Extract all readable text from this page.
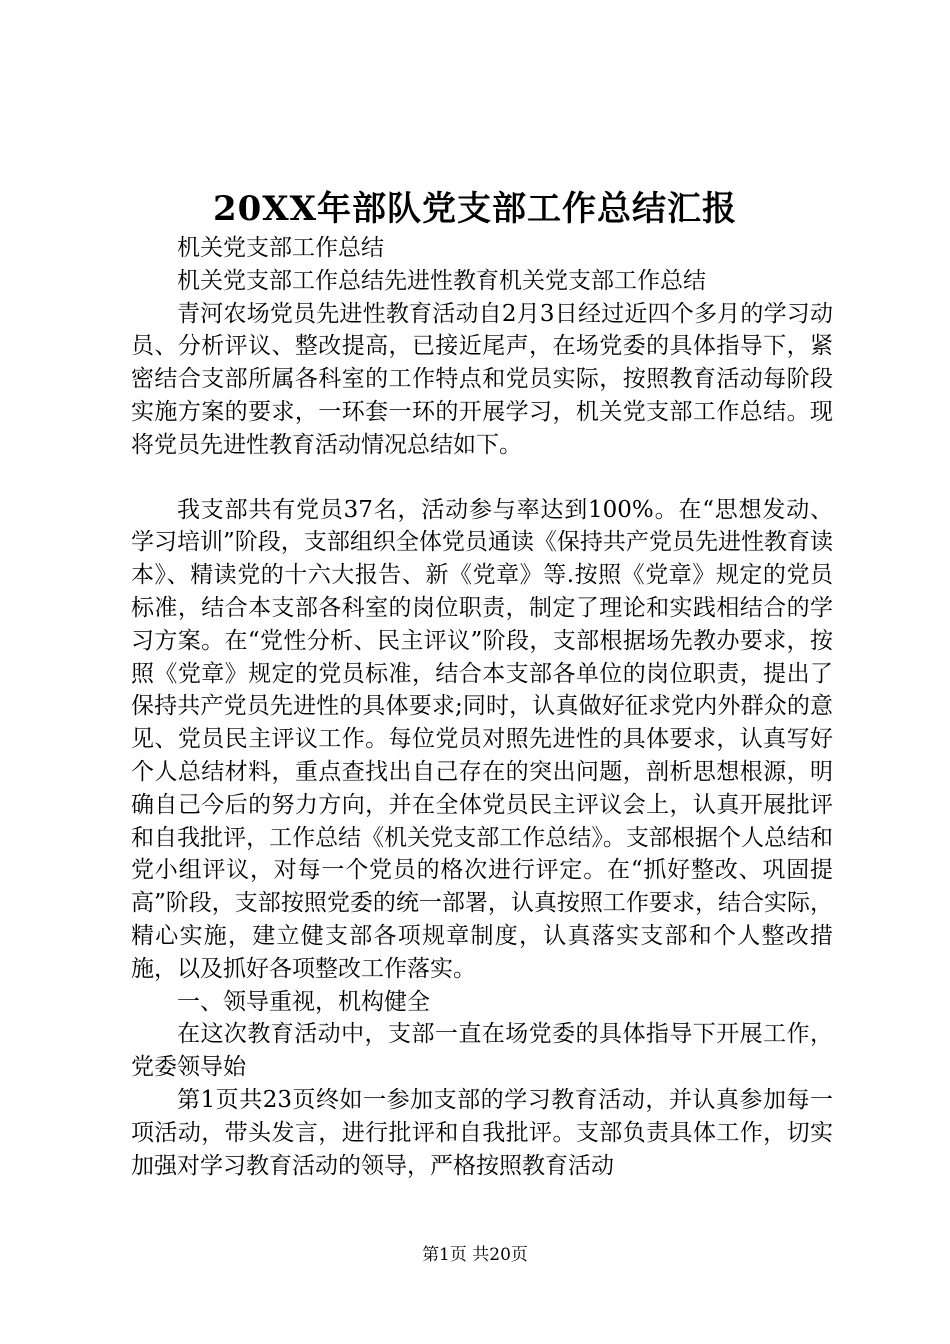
20XX年部队党支部工作总结汇报

机关党支部工作总结

机关党支部工作总结先进性教育机关党支部工作总结

青河农场党员先进性教育活动自2月3日经过近四个多月的学习动员、分析评议、整改提高，已接近尾声，在场党委的具体指导下，紧密结合支部所属各科室的工作特点和党员实际，按照教育活动每阶段实施方案的要求，一环套一环的开展学习，机关党支部工作总结。现将党员先进性教育活动情况总结如下。

我支部共有党员37名，活动参与率达到100%。在“思想发动、学习培训”阶段，支部组织全体党员通读《保持共产党员先进性教育读本》、精读党的十六大报告、新《党章》等.按照《党章》规定的党员标准，结合本支部各科室的岗位职责，制定了理论和实践相结合的学习方案。在“党性分析、民主评议”阶段，支部根据场先教办要求，按照《党章》规定的党员标准，结合本支部各单位的岗位职责，提出了保持共产党员先进性的具体要求;同时，认真做好征求党内外群众的意见、党员民主评议工作。每位党员对照先进性的具体要求，认真写好个人总结材料，重点查找出自己存在的突出问题，剖析思想根源，明确自己今后的努力方向，并在全体党员民主评议会上，认真开展批评和自我批评，工作总结《机关党支部工作总结》。支部根据个人总结和党小组评议，对每一个党员的格次进行评定。在“抓好整改、巩固提高”阶段，支部按照党委的统一部署，认真按照工作要求，结合实际，精心实施，建立健支部各项规章制度，认真落实支部和个人整改措施，以及抓好各项整改工作落实。

一、领导重视，机构健全

在这次教育活动中，支部一直在场党委的具体指导下开展工作，党委领导始

第1页共23页终如一参加支部的学习教育活动，并认真参加每一项活动，带头发言，进行批评和自我批评。支部负责具体工作，切实加强对学习教育活动的领导，严格按照教育活动

第1页 共20页
